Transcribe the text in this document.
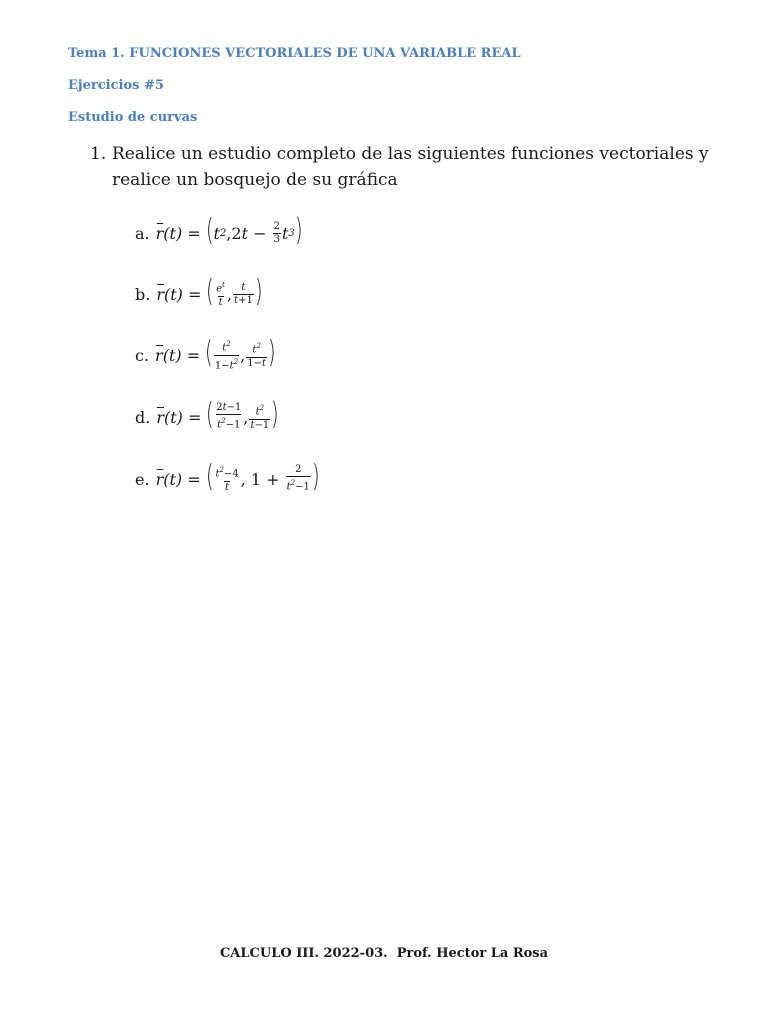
Tema 1. FUNCIONES VECTORIALES DE UNA VARIABLE REAL

Ejercicios #5

Estudio de curvas

1. Realice un estudio completo de las siguientes funciones vectoriales y realice un bosquejo de su gráfica
a. r (t) = ( t 2 , 2 $t - \frac{2}{3}$ t 3 )
b. r (t) = ( $\frac{e^t}{t}$ , $\frac{t}{t+1}$ )
c. r (t) = ( $\frac{t^2}{1-t^2}$ , $\frac{t^2}{1-t}$ )
d. r (t) = ( $\frac{2t-1}{t^2-1}$ , $\frac{t^2}{t-1}$ )
e. r (t) = ( $\frac{t^2-4}{t}$ , $1 + \frac{2}{t^2-1}$ )
CALCULO III. 2022-03.  Prof. Hector La Rosa
